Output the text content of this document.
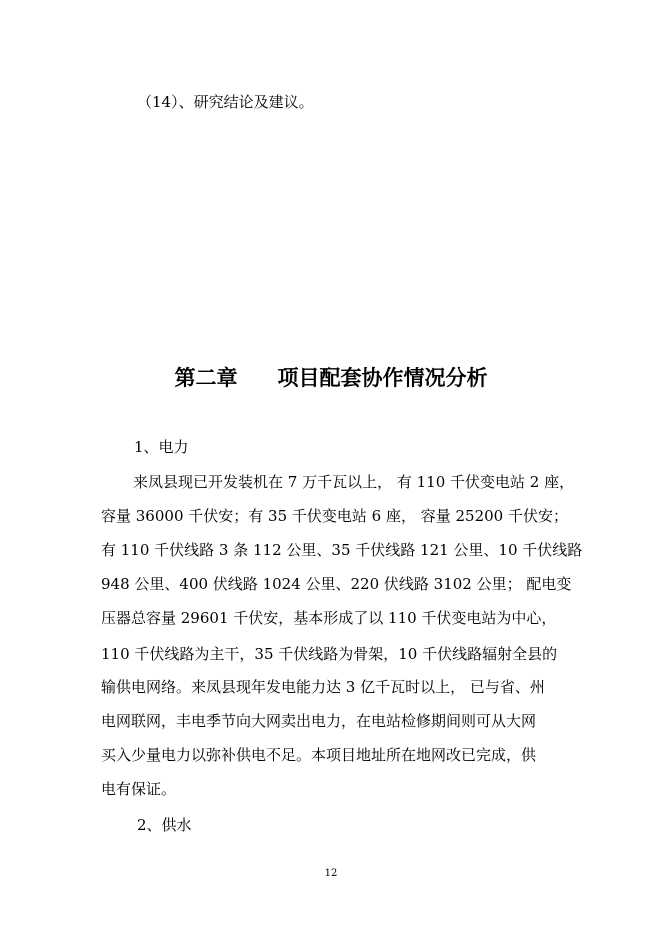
（14）、研究结论及建议。
第二章 项目配套协作情况分析
1、电力
来凤县现已开发装机在 7 万千瓦以上， 有 110 千伏变电站 2 座，
容量 36000 千伏安；有 35 千伏变电站 6 座， 容量 25200 千伏安；
有 110 千伏线路 3 条 112 公里、35 千伏线路 121 公里、10 千伏线路
948 公里、400 伏线路 1024 公里、220 伏线路 3102 公里； 配电变
压器总容量 29601 千伏安，基本形成了以 110 千伏变电站为中心，
110 千伏线路为主干，35 千伏线路为骨架，10 千伏线路辐射全县的
输供电网络。来凤县现年发电能力达 3 亿千瓦时以上， 已与省、州
电网联网，丰电季节向大网卖出电力，在电站检修期间则可从大网
买入少量电力以弥补供电不足。本项目地址所在地网改已完成，供
电有保证。
2、供水
12
